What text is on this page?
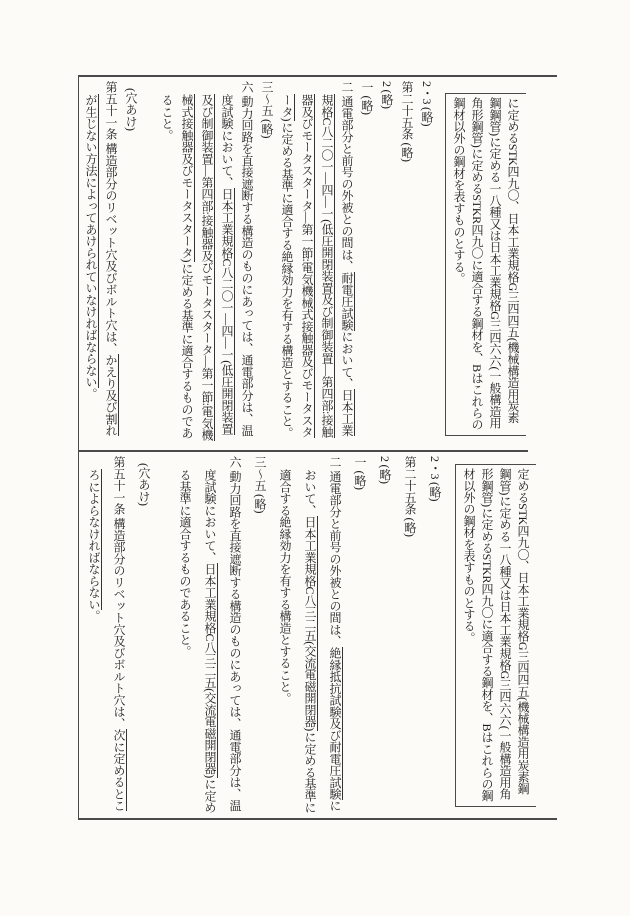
に定めるSTK四九〇、日本工業規格G三四四五(機械構造用炭素鋼鋼管)に定める一八種又は日本工業規格G三四六六(一般構造用角形鋼管)に定めるSTKR四九〇に適合する鋼材を、Bはこれらの鋼材以外の鋼材を表すものとする。

2・3 (略)

第二十五条 (略)

2 (略)

一 (略)

二 通電部分と前号の外被との間は、耐電圧試験において、日本工業規格C八二〇一―四―一(低圧開閉装置及び制御装置―第四部:接触器及びモータスタータ―第一節:電気機械式接触器及びモータスタータ)に定める基準に適合する絶縁効力を有する構造とすること。

三〜五 (略)

六 動力回路を直接遮断する構造のものにあっては、通電部分は、温度試験において、日本工業規格C八二〇一―四―一(低圧開閉装置及び制御装置―第四部:接触器及びモータスタータ―第一節:電気機械式接触器及びモータスタータ)に定める基準に適合するものであること。

(穴あけ)

第五十一条 構造部分のリベット穴及びボルト穴は、かえり及び割れが生じない方法によってあけられていなければならない。

定めるSTK四九〇、日本工業規格G三四四五(機械構造用炭素鋼鋼管)に定める一八種又は日本工業規格G三四六六(一般構造用角形鋼管)に定めるSTKR四九〇に適合する鋼材を、Bはこれらの鋼材以外の鋼材を表すものとする。

2・3 (略)

第二十五条 (略)

2 (略)

一 (略)

二 通電部分と前号の外被との間は、絶縁抵抗試験及び耐電圧試験において、日本工業規格C八三二五(交流電磁開閉器)に定める基準に適合する絶縁効力を有する構造とすること。

三〜五 (略)

六 動力回路を直接遮断する構造のものにあっては、通電部分は、温度試験において、日本工業規格C八三二五(交流電磁開閉器)に定める基準に適合するものであること。

(穴あけ)

第五十一条 構造部分のリベット穴及びボルト穴は、次に定めるところによらなければならない。
